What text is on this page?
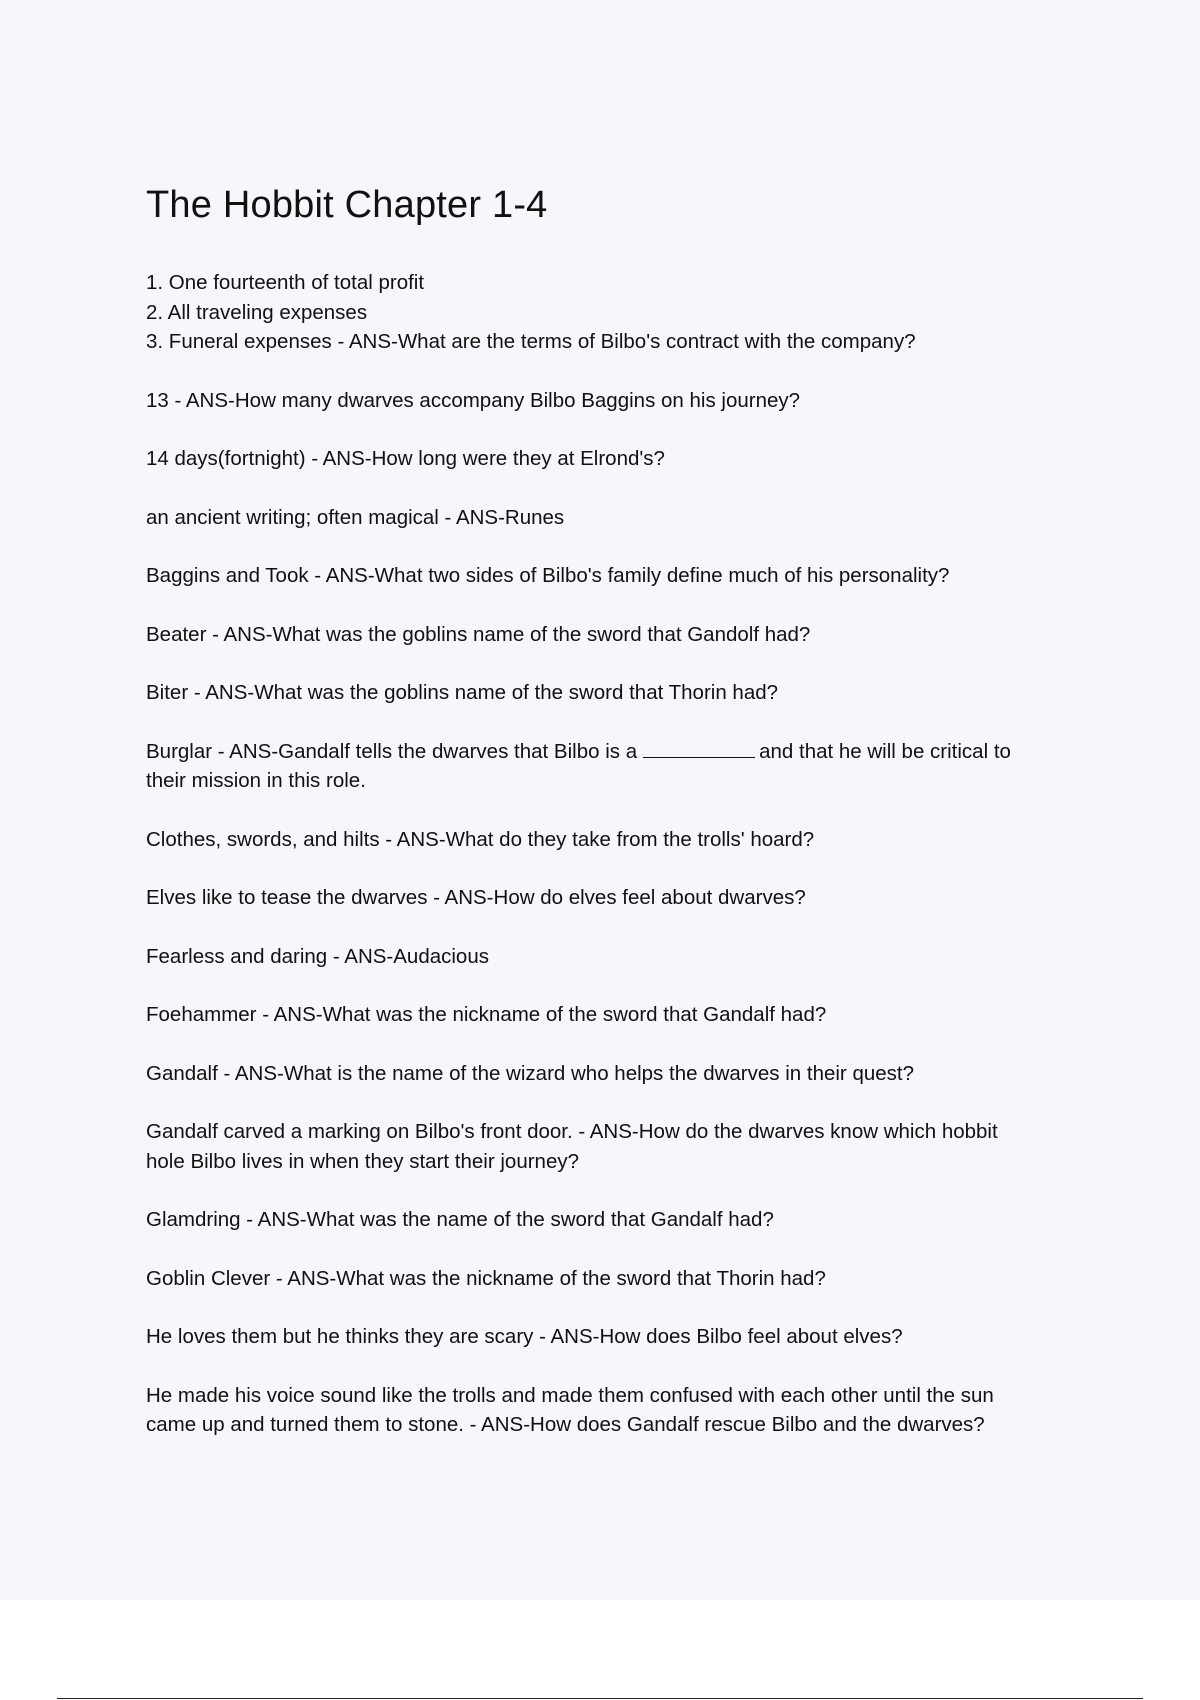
The Hobbit Chapter 1-4
1. One fourteenth of total profit
2. All traveling expenses
3. Funeral expenses - ANS-What are the terms of Bilbo's contract with the company?
13 - ANS-How many dwarves accompany Bilbo Baggins on his journey?
14 days(fortnight) - ANS-How long were they at Elrond's?
an ancient writing; often magical - ANS-Runes
Baggins and Took - ANS-What two sides of Bilbo's family define much of his personality?
Beater - ANS-What was the goblins name of the sword that Gandolf had?
Biter - ANS-What was the goblins name of the sword that Thorin had?
Burglar - ANS-Gandalf tells the dwarves that Bilbo is a	and that he will be critical to
their mission in this role.
Clothes, swords, and hilts - ANS-What do they take from the trolls' hoard?
Elves like to tease the dwarves - ANS-How do elves feel about dwarves?
Fearless and daring - ANS-Audacious
Foehammer - ANS-What was the nickname of the sword that Gandalf had?
Gandalf - ANS-What is the name of the wizard who helps the dwarves in their quest?
Gandalf carved a marking on Bilbo's front door. - ANS-How do the dwarves know which hobbit
hole Bilbo lives in when they start their journey?
Glamdring - ANS-What was the name of the sword that Gandalf had?
Goblin Clever - ANS-What was the nickname of the sword that Thorin had?
He loves them but he thinks they are scary - ANS-How does Bilbo feel about elves?
He made his voice sound like the trolls and made them confused with each other until the sun
came up and turned them to stone. - ANS-How does Gandalf rescue Bilbo and the dwarves?
